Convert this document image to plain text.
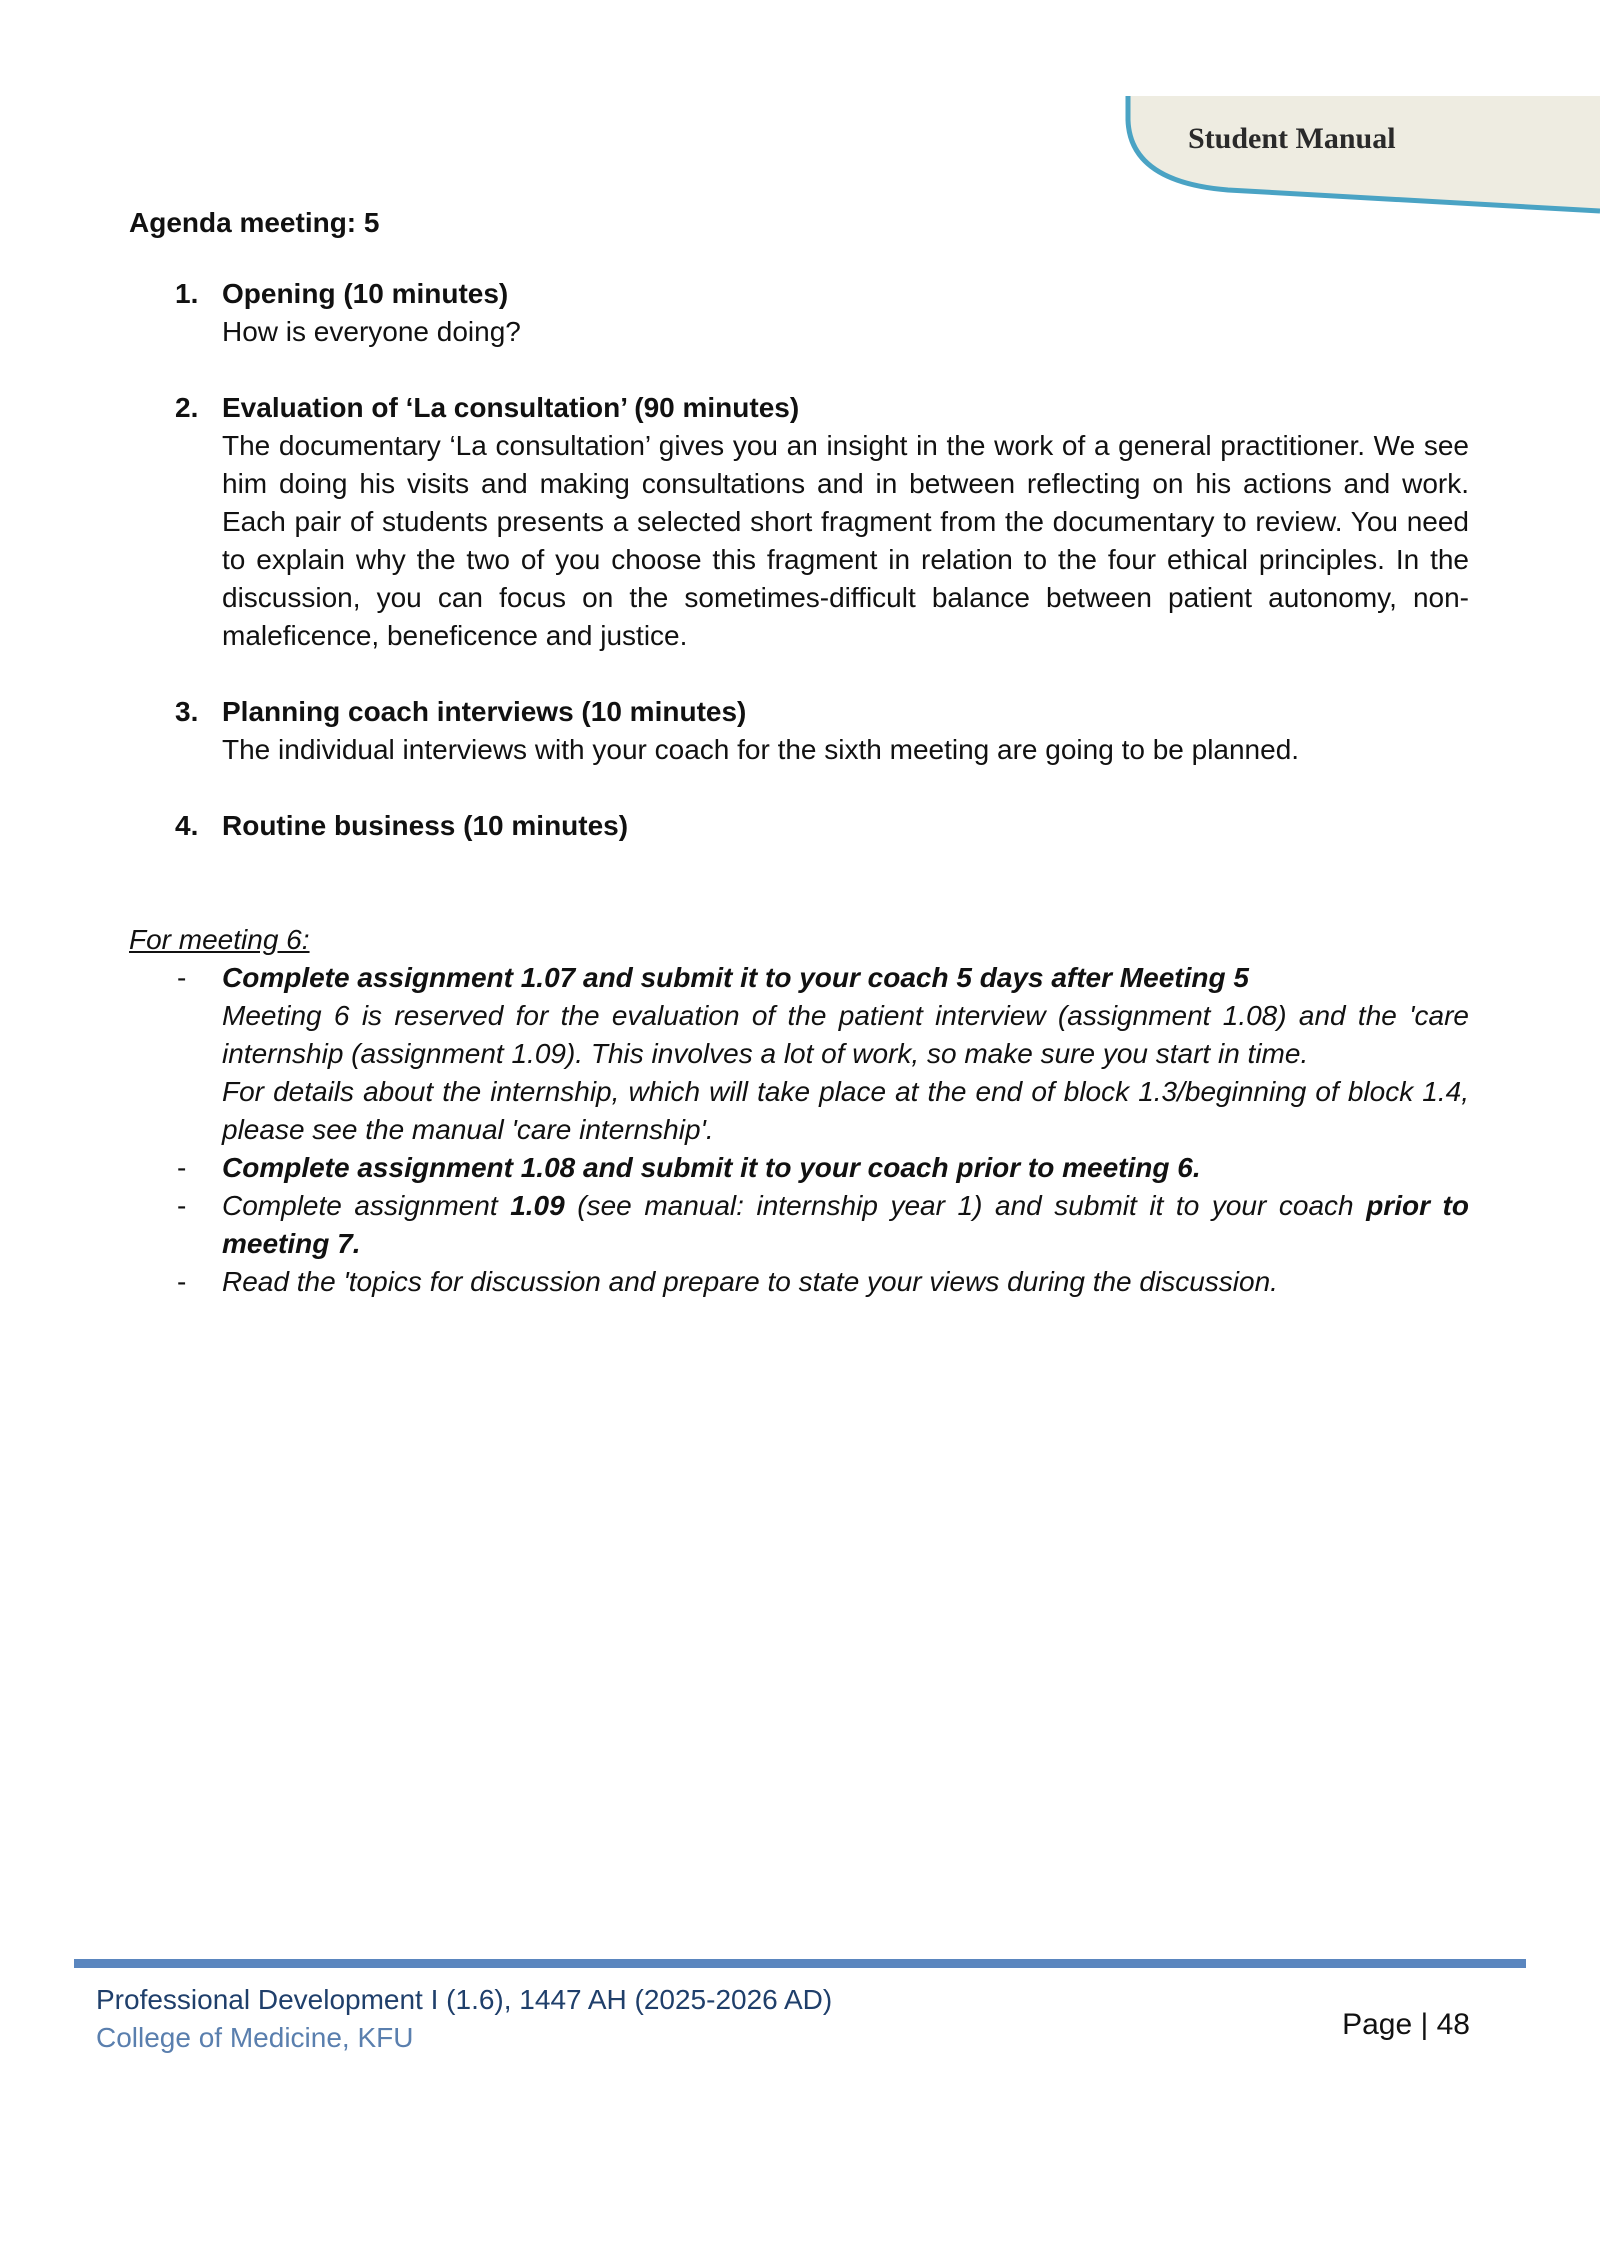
Student Manual

Agenda meeting: 5

1. Opening (10 minutes)
How is everyone doing?
2. Evaluation of ‘La consultation’ (90 minutes)
The documentary ‘La consultation’ gives you an insight in the work of a general practitioner. We see him doing his visits and making consultations and in between reflecting on his actions and work. Each pair of students presents a selected short fragment from the documentary to review. You need to explain why the two of you choose this fragment in relation to the four ethical principles. In the discussion, you can focus on the sometimes-difficult balance between patient autonomy, non-maleficence, beneficence and justice.
3. Planning coach interviews (10 minutes)
The individual interviews with your coach for the sixth meeting are going to be planned.
4. Routine business (10 minutes)
For meeting 6:
- Complete assignment 1.07 and submit it to your coach 5 days after Meeting 5
Meeting 6 is reserved for the evaluation of the patient interview (assignment 1.08) and the 'care internship (assignment 1.09). This involves a lot of work, so make sure you start in time.
For details about the internship, which will take place at the end of block 1.3/beginning of block 1.4, please see the manual 'care internship'.
- Complete assignment 1.08 and submit it to your coach prior to meeting 6.
- Complete assignment 1.09 (see manual: internship year 1) and submit it to your coach prior to meeting 7.
- Read the 'topics for discussion and prepare to state your views during the discussion.
Professional Development I (1.6), 1447 AH (2025-2026 AD)
College of Medicine, KFU	Page | 48
